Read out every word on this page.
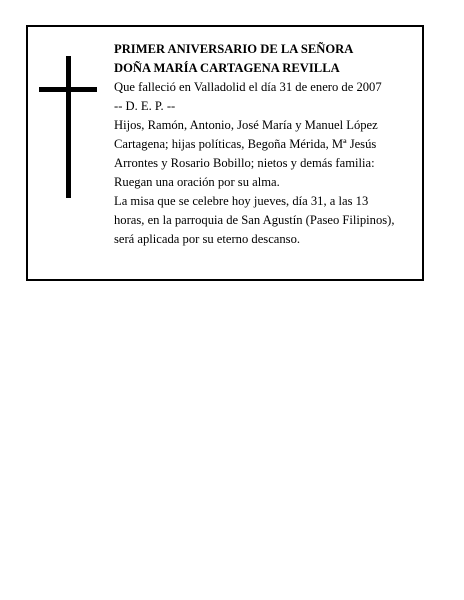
PRIMER ANIVERSARIO DE LA SEÑORA
DOÑA MARÍA CARTAGENA REVILLA
Que falleció en Valladolid el día 31 de enero de 2007
-- D. E. P. --
Hijos, Ramón, Antonio, José María y Manuel López
Cartagena; hijas políticas, Begoña Mérida, Mª Jesús
Arrontes y Rosario Bobillo; nietos y demás familia:
Ruegan una oración por su alma.
La misa que se celebre hoy jueves, día 31, a las 13
horas, en la parroquia de San Agustín (Paseo Filipinos),
será aplicada por su eterno descanso.
